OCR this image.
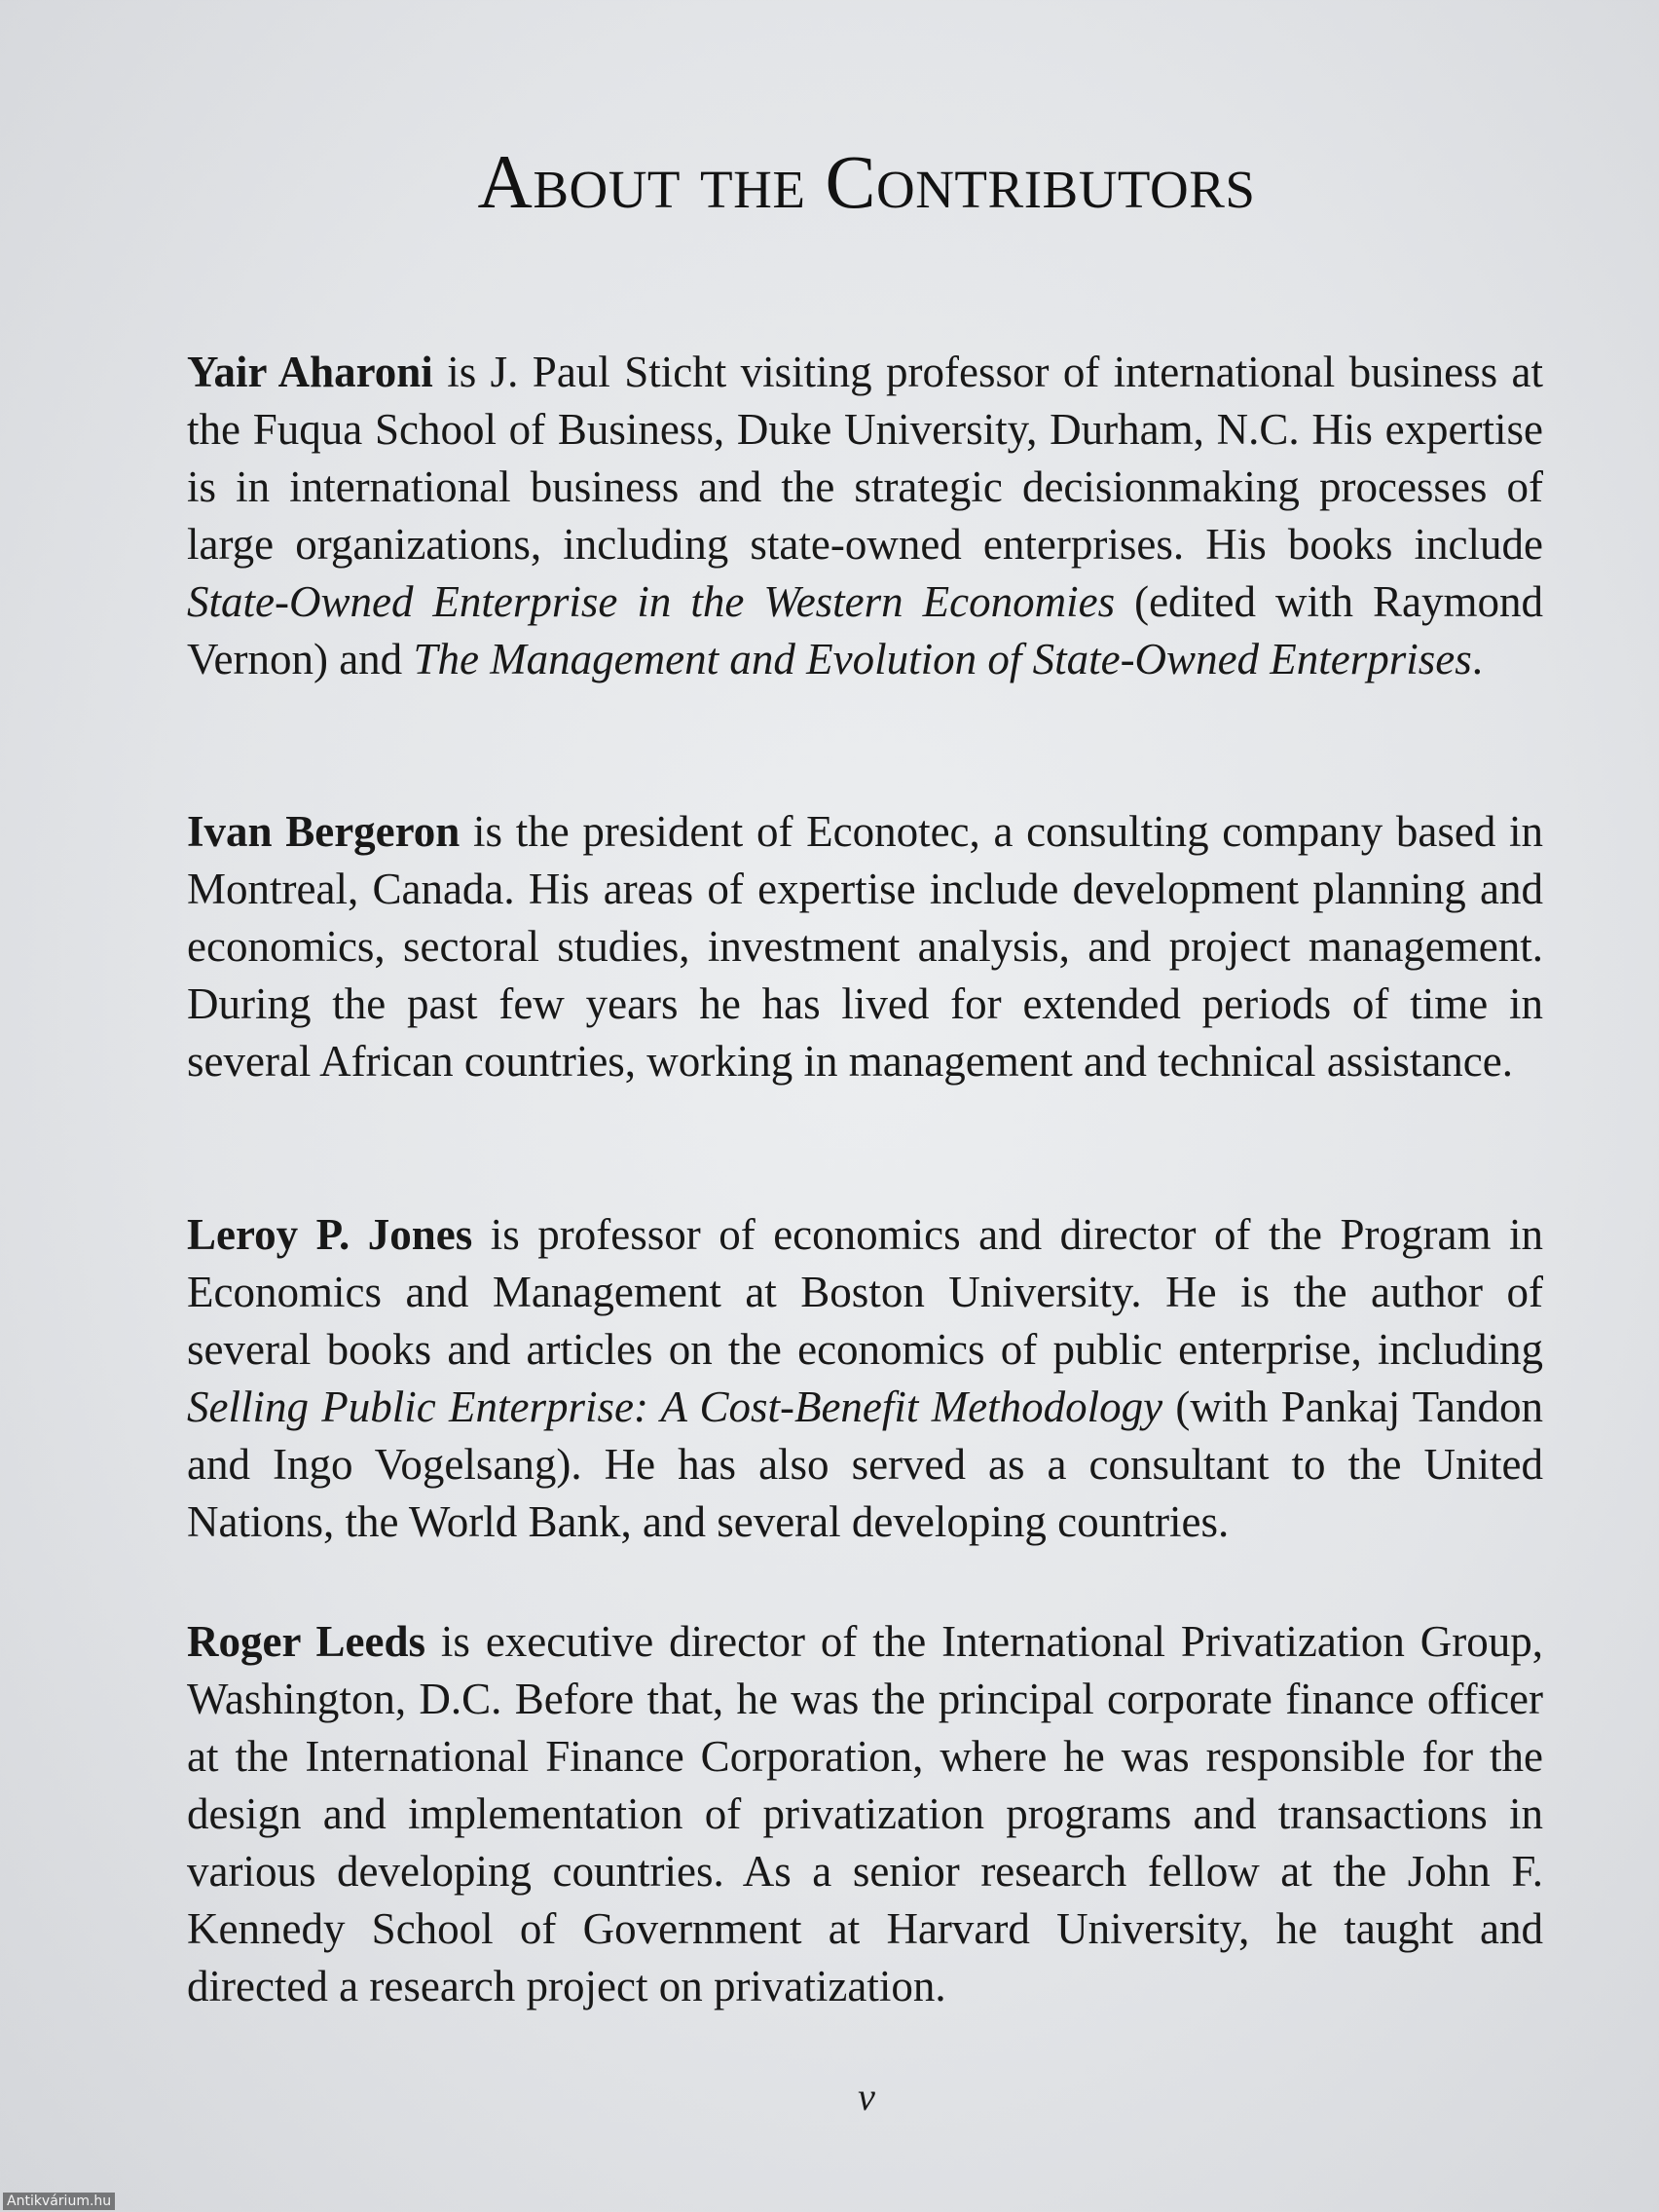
About the Contributors

Yair Aharoni is J. Paul Sticht visiting professor of international business at the Fuqua School of Business, Duke University, Durham, N.C. His expertise is in international business and the strategic decisionmaking processes of large organizations, including state-owned enterprises. His books include State-Owned Enterprise in the Western Economies (edited with Raymond Vernon) and The Management and Evolution of State-Owned Enterprises.

Ivan Bergeron is the president of Econotec, a consulting company based in Montreal, Canada. His areas of expertise include development planning and economics, sectoral studies, investment analysis, and project management. During the past few years he has lived for extended periods of time in several African countries, working in management and technical assistance.

Leroy P. Jones is professor of economics and director of the Program in Economics and Management at Boston University. He is the author of several books and articles on the economics of public enterprise, including Selling Public Enterprise: A Cost-Benefit Methodology (with Pankaj Tandon and Ingo Vogelsang). He has also served as a consultant to the United Nations, the World Bank, and several developing countries.

Roger Leeds is executive director of the International Privatization Group, Washington, D.C. Before that, he was the principal corporate finance officer at the International Finance Corporation, where he was responsible for the design and implementation of privatization programs and transactions in various developing countries. As a senior research fellow at the John F. Kennedy School of Government at Harvard University, he taught and directed a research project on privatization.

v
Antikvárium.hu
